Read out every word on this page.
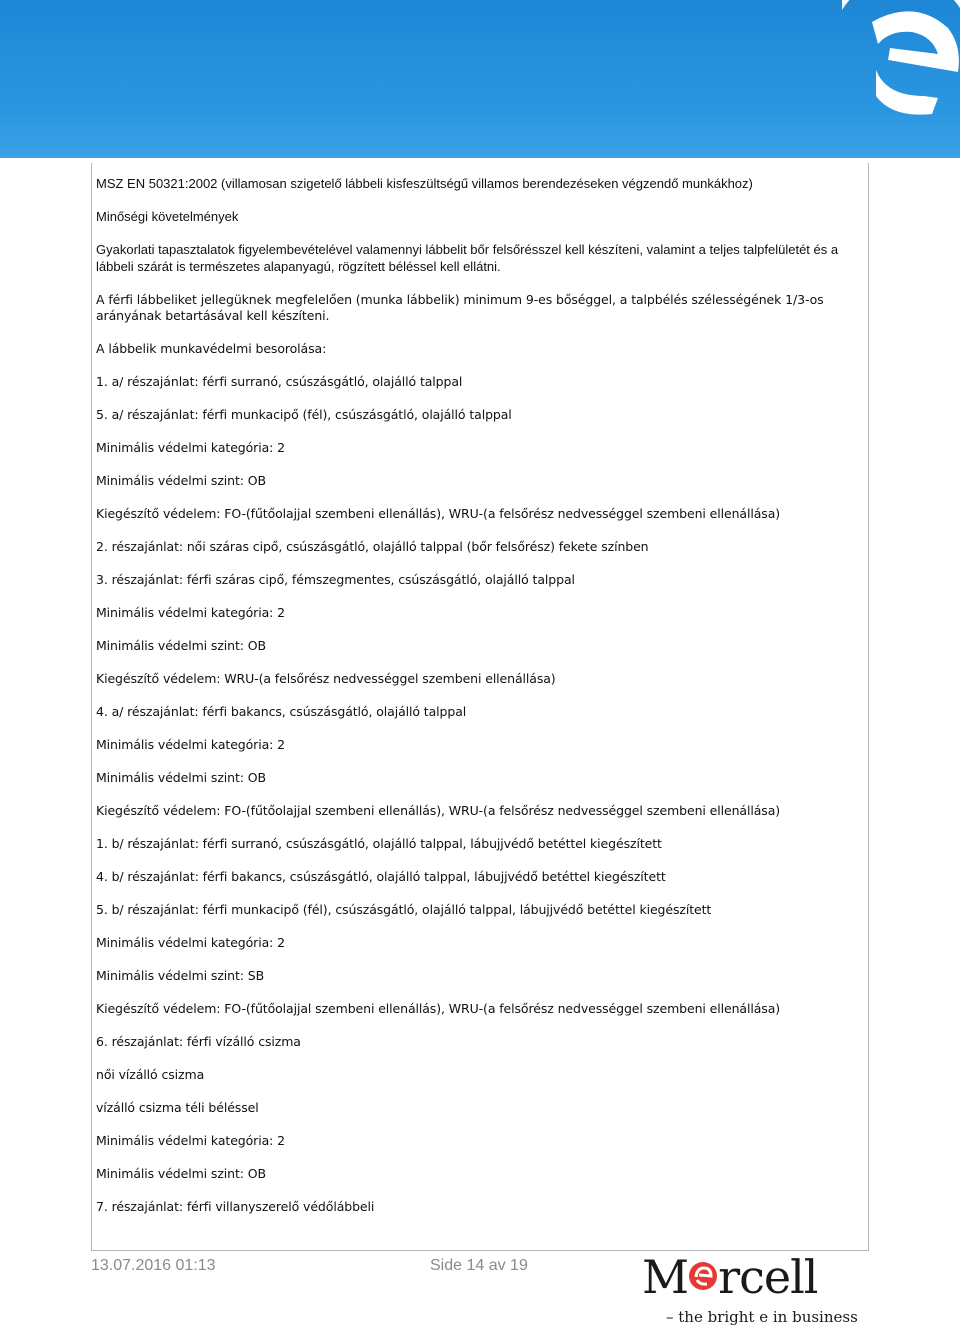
MSZ EN 50321:2002 (villamosan szigetelő lábbeli kisfeszültségű villamos berendezéseken végzendő munkákhoz)

Minőségi követelmények

Gyakorlati tapasztalatok figyelembevételével valamennyi lábbelit bőr felsőrésszel kell készíteni, valamint a teljes talpfelületét és a lábbeli szárát is természetes alapanyagú, rögzített béléssel kell ellátni.

A férfi lábbeliket jellegüknek megfelelően (munka lábbelik) minimum 9-es bőséggel, a talpbélés szélességének 1/3-os arányának betartásával kell készíteni.

A lábbelik munkavédelmi besorolása:

1. a/ részajánlat: férfi surranó, csúszásgátló, olajálló talppal

5. a/ részajánlat: férfi munkacipő (fél), csúszásgátló, olajálló talppal

Minimális védelmi kategória: 2

Minimális védelmi szint: OB

Kiegészítő védelem: FO-(fűtőolajjal szembeni ellenállás), WRU-(a felsőrész nedvességgel szembeni ellenállása)

2. részajánlat: női száras cipő, csúszásgátló, olajálló talppal (bőr felsőrész) fekete színben

3. részajánlat: férfi száras cipő, fémszegmentes, csúszásgátló, olajálló talppal

Minimális védelmi kategória: 2

Minimális védelmi szint: OB

Kiegészítő védelem: WRU-(a felsőrész nedvességgel szembeni ellenállása)

4. a/ részajánlat: férfi bakancs, csúszásgátló, olajálló talppal

Minimális védelmi kategória: 2

Minimális védelmi szint: OB

Kiegészítő védelem: FO-(fűtőolajjal szembeni ellenállás), WRU-(a felsőrész nedvességgel szembeni ellenállása)

1. b/ részajánlat: férfi surranó, csúszásgátló, olajálló talppal, lábujjvédő betéttel kiegészített

4. b/ részajánlat: férfi bakancs, csúszásgátló, olajálló talppal, lábujjvédő betéttel kiegészített

5. b/ részajánlat: férfi munkacipő (fél), csúszásgátló, olajálló talppal, lábujjvédő betéttel kiegészített

Minimális védelmi kategória: 2

Minimális védelmi szint: SB

Kiegészítő védelem: FO-(fűtőolajjal szembeni ellenállás), WRU-(a felsőrész nedvességgel szembeni ellenállása)

6. részajánlat: férfi vízálló csizma

női vízálló csizma

vízálló csizma téli béléssel

Minimális védelmi kategória: 2

Minimális védelmi szint: OB

7. részajánlat: férfi villanyszerelő védőlábbeli

13.07.2016 01:13	Side 14 av 19 M rcell
– the bright e in business
